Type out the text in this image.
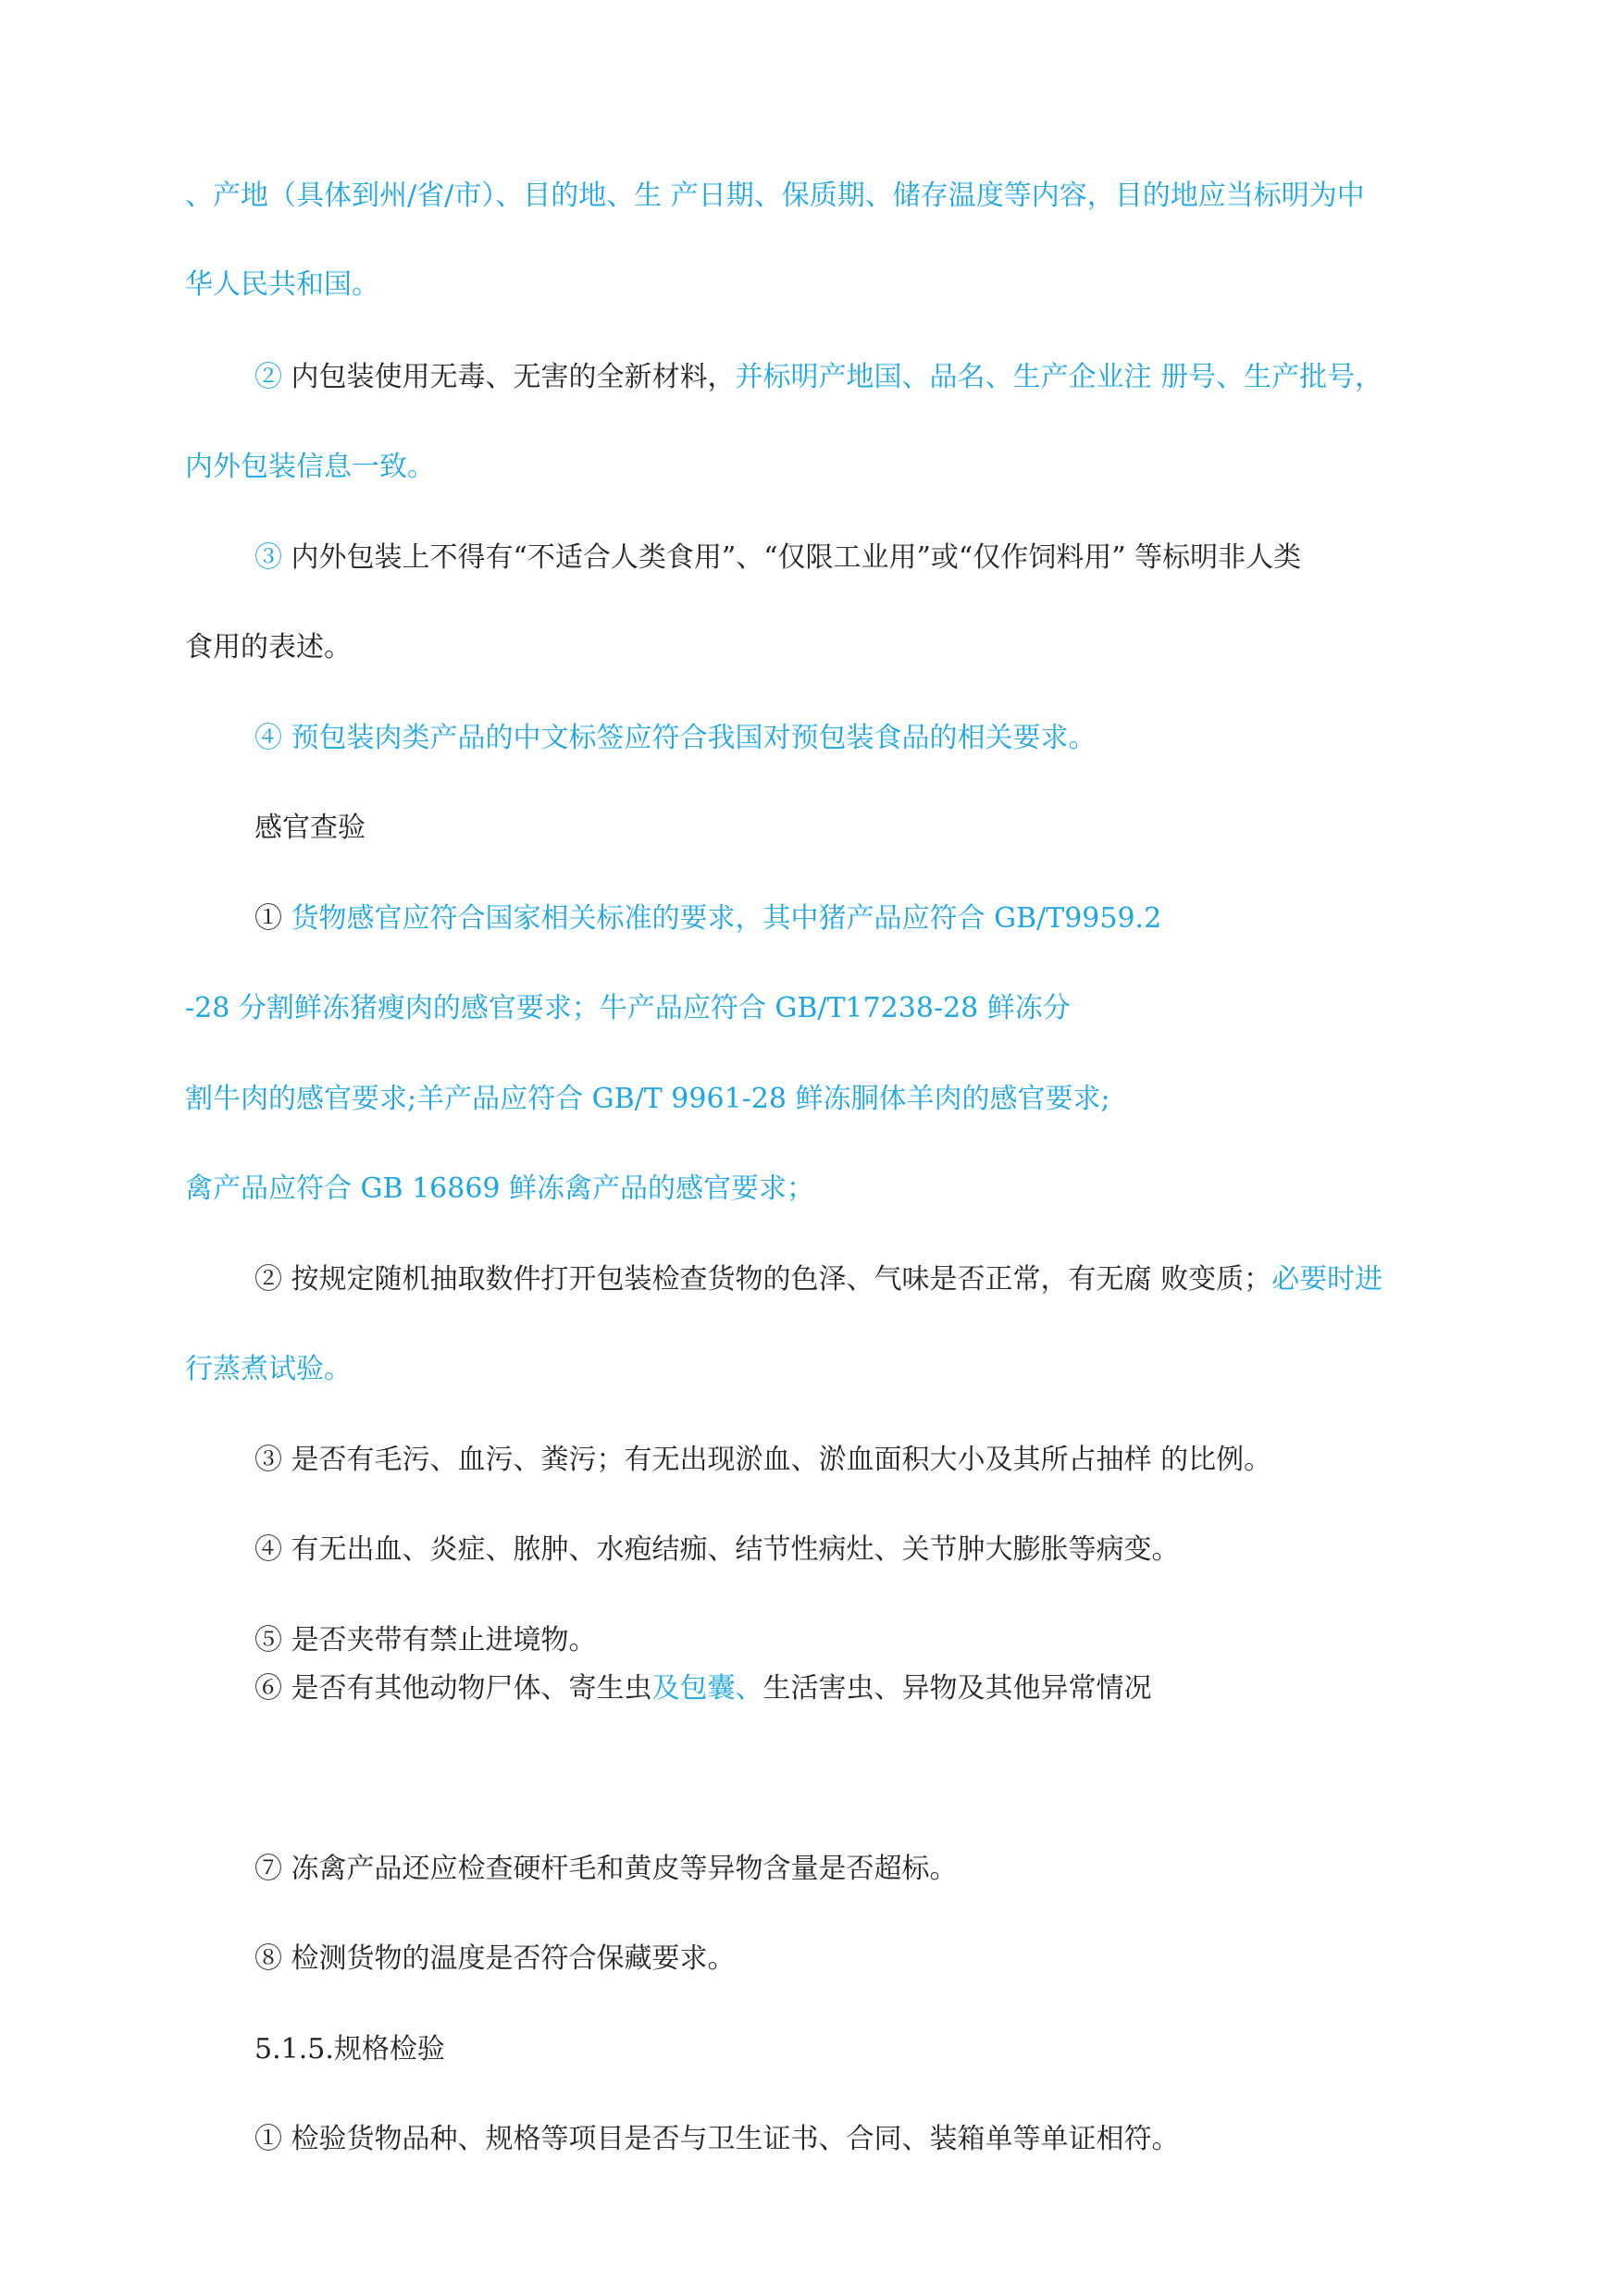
、产地（具体到州/省/市）、目的地、生 产日期、保质期、储存温度等内容，目的地应当标明为中
华人民共和国。
② 内包装使用无毒、无害的全新材料，并标明产地国、品名、生产企业注 册号、生产批号，
内外包装信息一致。
③ 内外包装上不得有“不适合人类食用”、“仅限工业用”或“仅作饲料用” 等标明非人类
食用的表述。
④ 预包装肉类产品的中文标签应符合我国对预包装食品的相关要求。
感官查验
① 货物感官应符合国家相关标准的要求，其中猪产品应符合 GB/T9959.2
-28 分割鲜冻猪瘦肉的感官要求；牛产品应符合 GB/T17238-28 鲜冻分
割牛肉的感官要求;羊产品应符合 GB/T 9961-28 鲜冻胴体羊肉的感官要求;
禽产品应符合 GB 16869 鲜冻禽产品的感官要求；
② 按规定随机抽取数件打开包装检查货物的色泽、气味是否正常，有无腐 败变质；必要时进
行蒸煮试验。
③ 是否有毛污、血污、粪污；有无出现淤血、淤血面积大小及其所占抽样 的比例。
④ 有无出血、炎症、脓肿、水疱结痂、结节性病灶、关节肿大膨胀等病变。
⑤ 是否夹带有禁止进境物。
⑥ 是否有其他动物尸体、寄生虫及包囊、生活害虫、异物及其他异常情况
⑦ 冻禽产品还应检查硬杆毛和黄皮等异物含量是否超标。
⑧ 检测货物的温度是否符合保藏要求。
5.1.5.规格检验
① 检验货物品种、规格等项目是否与卫生证书、合同、装箱单等单证相符。
